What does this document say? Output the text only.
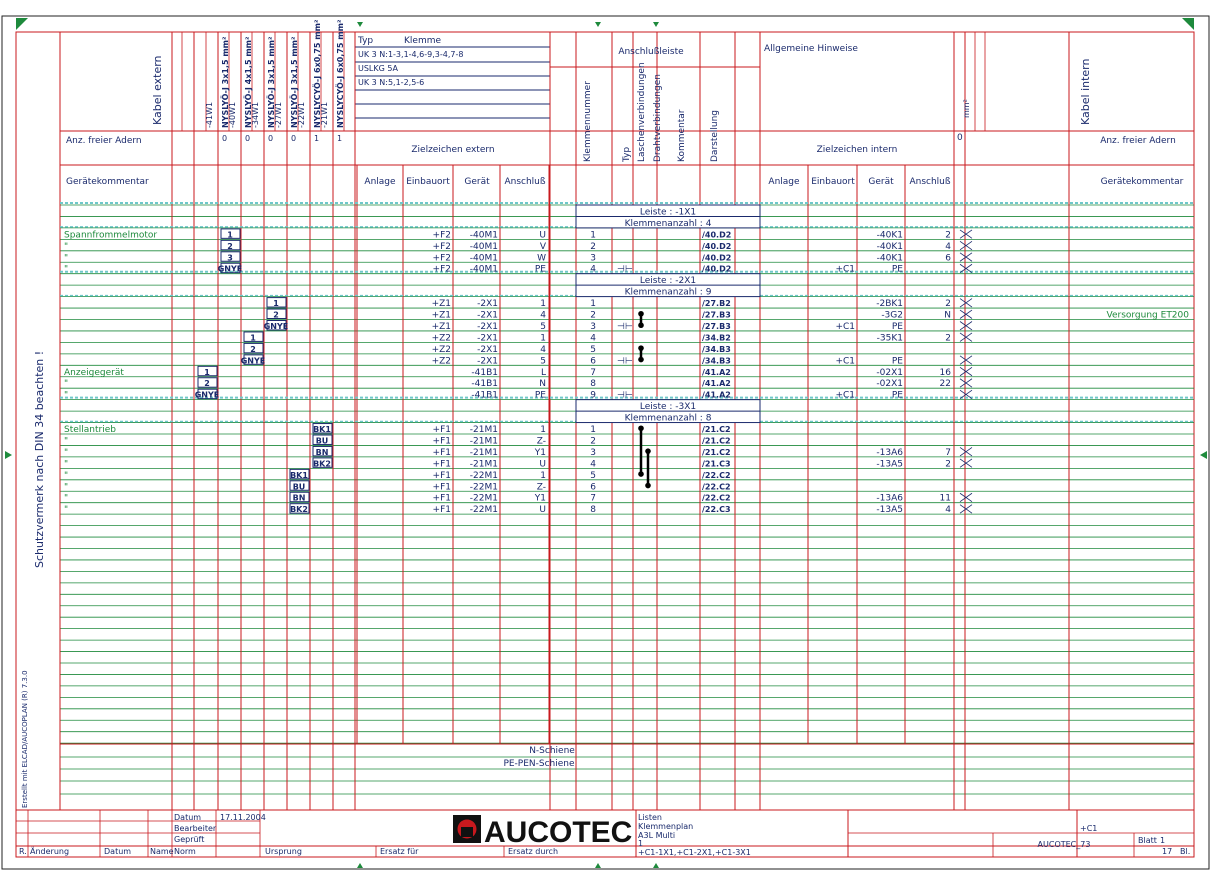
Kabel extern	Kabel intern
mm²
Klemmennummer	Typ Laschenverbindungen Drahtverbindungen Kommentar	Darstellung
Schutzvermerk nach DIN 34 beachten !
Erstellt mit ELCAD/AUCOPLAN (R) 7.3.0
-41W1 NYSLYÖ-J 3x1,5 mm²
0
-40W1 NYSLYÖ-J 4x1,5 mm²
0
-34W1 NYSLYÖ-J 3x1,5 mm²
0
-27W1 NYSLYÖ-J 3x1,5 mm²
0
-22W1 NYSLYCYÖ-J 6x0,75 mm²
1
-21W1 NYSLYCYÖ-J 6x0,75 mm²
1
Typ	Klemme
UK 3 N:1-3,1-4,6-9,3-4,7-8
USLKG 5A
UK 3 N:5,1-2,5-6
Anschlußleiste	Allgemeine Hinweise
Anz. freier Adern	Anz. freier Adern
0
Zielzeichen extern	Zielzeichen intern
Gerätekommentar	Gerätekommentar
Anlage Einbauort Gerät Anschluß	Anlage Einbauort Gerät Anschluß
Leiste : -1X1
Klemmenanzahl : 4
Leiste : -2X1
Klemmenanzahl : 9
Leiste : -3X1
Klemmenanzahl : 8
Spannfrommelmotor	1	+F2 -40M1	U	1	/40.D2	-40K1	2
"	2	+F2 -40M1	V	2	/40.D2	-40K1	4
"	3	+F2 -40M1	W	3	/40.D2	-40K1	6
"	GNYE	+F2 -40M1	PE	4 ⊣⊢	/40.D2	+C1	PE
1	+Z1	-2X1	1	1	/27.B2	-2BK1	2
2	+Z1	-2X1	4	2	/27.B3	-3G2	N	Versorgung ET200
GNYE	+Z1	-2X1	5	3 ⊣⊢	/27.B3	+C1	PE
1	+Z2	-2X1	1	4	/34.B2	-35K1	2
2	+Z2	-2X1	4	5	/34.B3
GNYE	+Z2	-2X1	5	6 ⊣⊢	/34.B3	+C1	PE
Anzeigegerät	1	-41B1	L	7	/41.A2	-02X1	16
"	2	-41B1	N	8	/41.A2	-02X1	22
"	GNYE	-41B1	PE	9 ⊣⊢	/41.A2	+C1	PE
Stellantrieb	BK1	+F1 -21M1	1	1	/21.C2
"	BU	+F1 -21M1	Z-	2	/21.C2
"	BN	+F1 -21M1	Y1	3	/21.C2	-13A6	7
"	BK2	+F1 -21M1	U	4	/21.C3	-13A5	2
"	BK1	+F1 -22M1	1	5	/22.C2
"	BU	+F1 -22M1	Z-	6	/22.C2
"	BN	+F1 -22M1	Y1	7	/22.C2	-13A6	11
"	BK2	+F1 -22M1	U	8	/22.C3	-13A5	4
N-Schiene
PE-PEN-Schiene
Datum 17.11.2004
Bearbeiter
Geprüft
R. Änderung	Datum Name Norm	Ursprung	Ersatz für	Ersatz durch
AUCOTEC Listen
Klemmenplan
A3L Multi
1
+C1-1X1,+C1-2X1,+C1-3X1
+C1
AUCOTEC_73	Blatt 1
17 Bl.
